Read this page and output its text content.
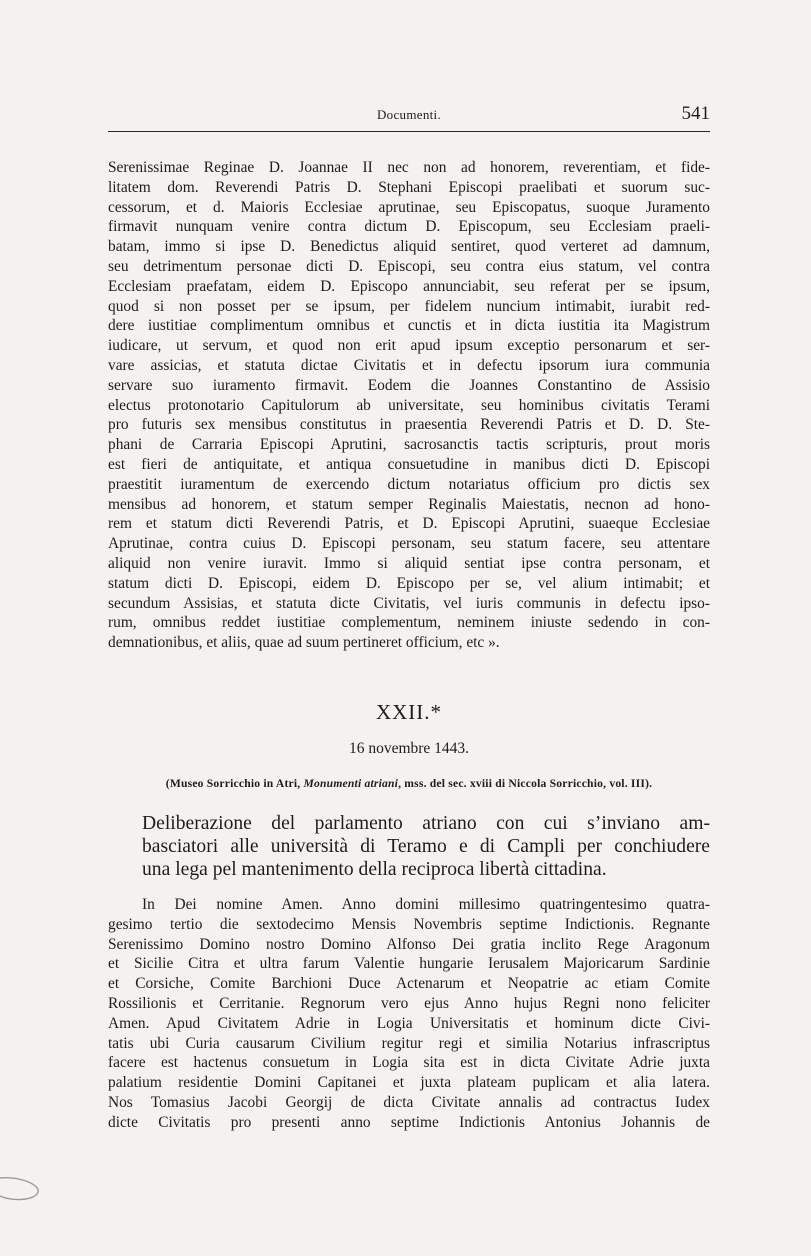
Documenti.	541

Serenissimae Reginae D. Joannae II nec non ad honorem, reverentiam, et fide-
litatem dom. Reverendi Patris D. Stephani Episcopi praelibati et suorum suc-
cessorum, et d. Maioris Ecclesiae aprutinae, seu Episcopatus, suoque Juramento
firmavit nunquam venire contra dictum D. Episcopum, seu Ecclesiam praeli-
batam, immo si ipse D. Benedictus aliquid sentiret, quod verteret ad damnum,
seu detrimentum personae dicti D. Episcopi, seu contra eius statum, vel contra
Ecclesiam praefatam, eidem D. Episcopo annunciabit, seu referat per se ipsum,
quod si non posset per se ipsum, per fidelem nuncium intimabit, iurabit red-
dere iustitiae complimentum omnibus et cunctis et in dicta iustitia ita Magistrum
iudicare, ut servum, et quod non erit apud ipsum exceptio personarum et ser-
vare assicias, et statuta dictae Civitatis et in defectu ipsorum iura communia
servare suo iuramento firmavit. Eodem die Joannes Constantino de Assisio
electus protonotario Capitulorum ab universitate, seu hominibus civitatis Terami
pro futuris sex mensibus constitutus in praesentia Reverendi Patris et D. D. Ste-
phani de Carraria Episcopi Aprutini, sacrosanctis tactis scripturis, prout moris
est fieri de antiquitate, et antiqua consuetudine in manibus dicti D. Episcopi
praestitit iuramentum de exercendo dictum notariatus officium pro dictis sex
mensibus ad honorem, et statum semper Reginalis Maiestatis, necnon ad hono-
rem et statum dicti Reverendi Patris, et D. Episcopi Aprutini, suaeque Ecclesiae
Aprutinae, contra cuius D. Episcopi personam, seu statum facere, seu attentare
aliquid non venire iuravit. Immo si aliquid sentiat ipse contra personam, et
statum dicti D. Episcopi, eidem D. Episcopo per se, vel alium intimabit; et
secundum Assisias, et statuta dicte Civitatis, vel iuris communis in defectu ipso-
rum, omnibus reddet iustitiae complementum, neminem iniuste sedendo in con-
demnationibus, et aliis, quae ad suum pertineret officium, etc ».

XXII.*
16 novembre 1443.
(Museo Sorricchio in Atri, Monumenti atriani, mss. del sec. xviii di Niccola Sorricchio, vol. III).

Deliberazione del parlamento atriano con cui s’inviano am-
basciatori alle università di Teramo e di Campli per conchiudere
una lega pel mantenimento della reciproca libertà cittadina.

In Dei nomine Amen. Anno domini millesimo quatringentesimo quatra-
gesimo tertio die sextodecimo Mensis Novembris septime Indictionis. Regnante
Serenissimo Domino nostro Domino Alfonso Dei gratia inclito Rege Aragonum
et Sicilie Citra et ultra farum Valentie hungarie Ierusalem Majoricarum Sardinie
et Corsiche, Comite Barchioni Duce Actenarum et Neopatrie ac etiam Comite
Rossilionis et Cerritanie. Regnorum vero ejus Anno hujus Regni nono feliciter
Amen. Apud Civitatem Adrie in Logia Universitatis et hominum dicte Civi-
tatis ubi Curia causarum Civilium regitur regi et similia Notarius infrascriptus
facere est hactenus consuetum in Logia sita est in dicta Civitate Adrie juxta
palatium residentie Domini Capitanei et juxta plateam puplicam et alia latera.
Nos Tomasius Jacobi Georgij de dicta Civitate annalis ad contractus Iudex
dicte Civitatis pro presenti anno septime Indictionis Antonius Johannis de
